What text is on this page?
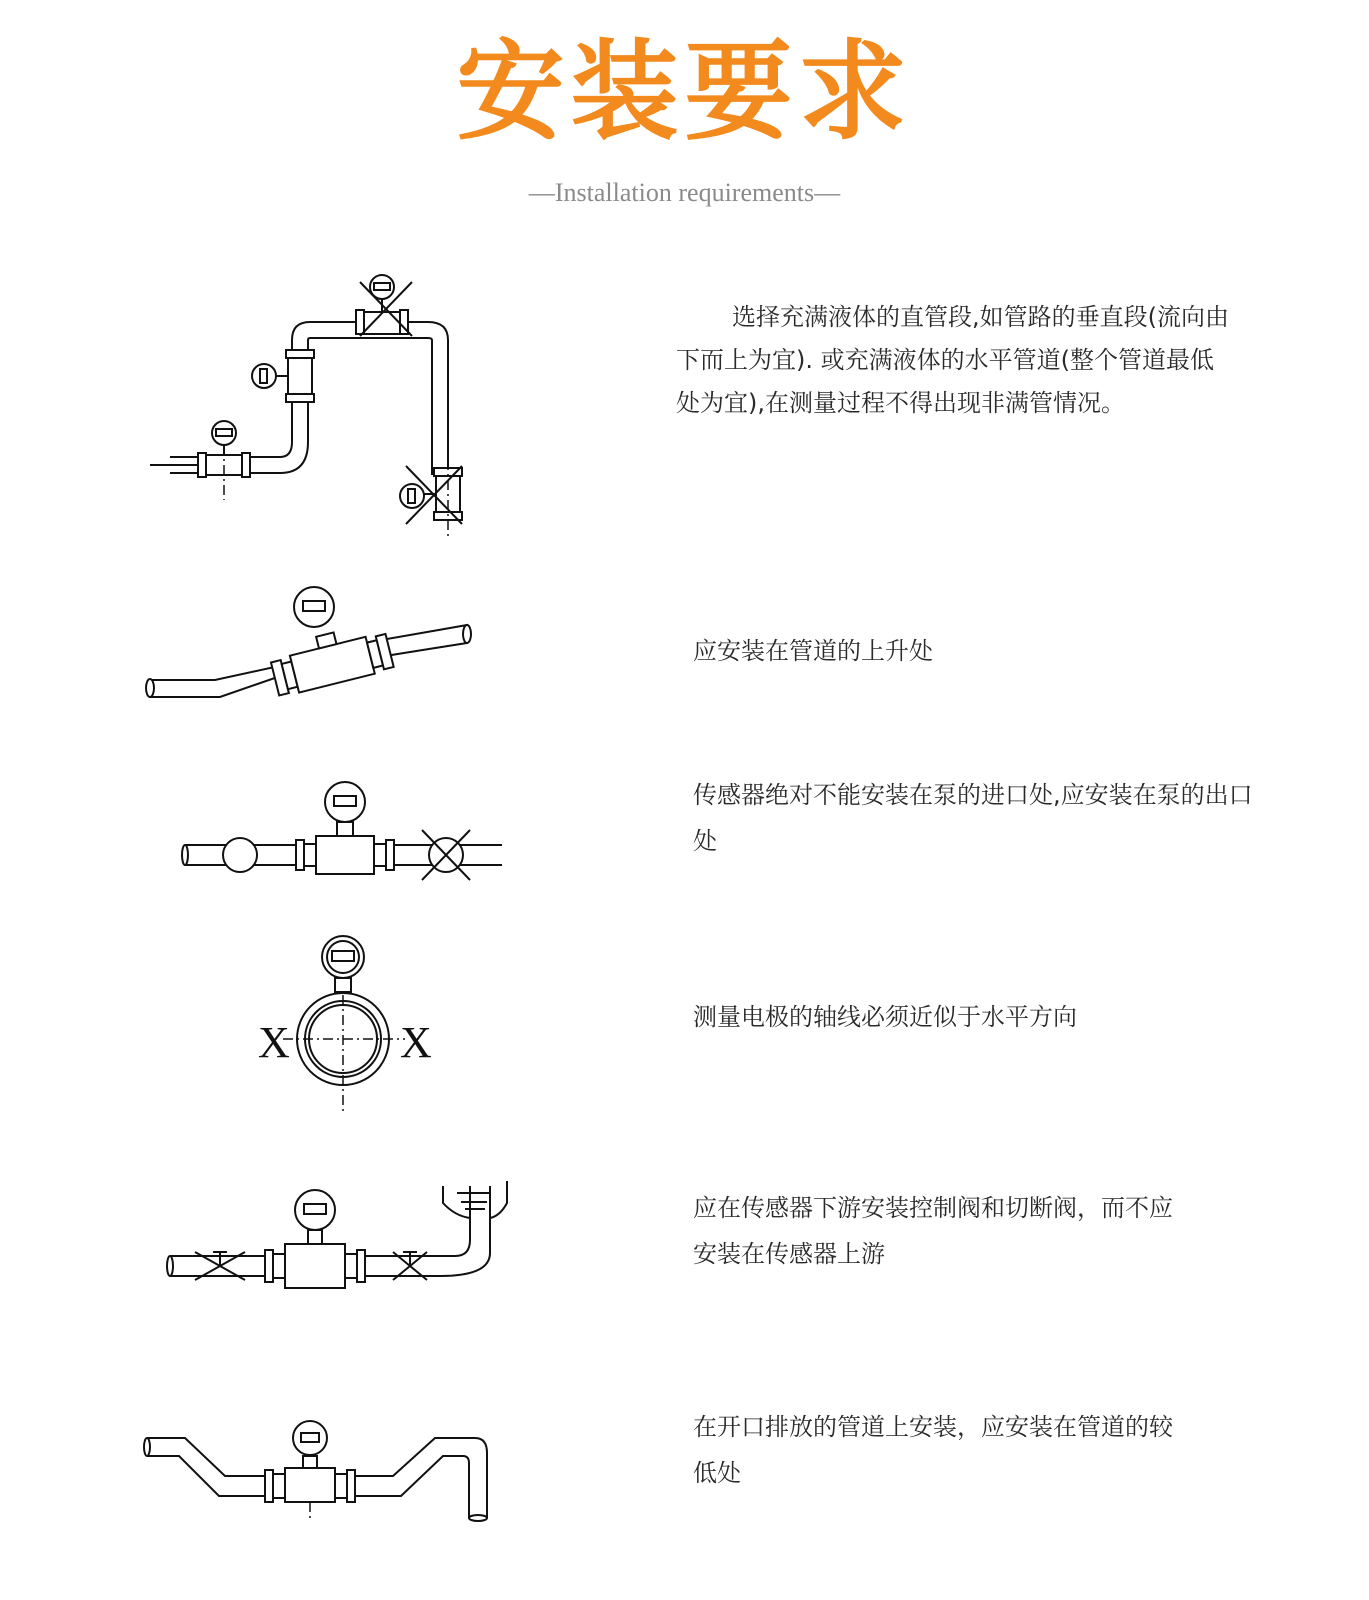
安装要求
—Installation requirements—
选择充满液体的直管段,如管路的垂直段(流向由下而上为宜). 或充满液体的水平管道(整个管道最低处为宜),在测量过程不得出现非满管情况。
应安装在管道的上升处
传感器绝对不能安装在泵的进口处,应安装在泵的出口处
X	X
测量电极的轴线必须近似于水平方向
应在传感器下游安装控制阀和切断阀，而不应安装在传感器上游
在开口排放的管道上安装，应安装在管道的较低处
